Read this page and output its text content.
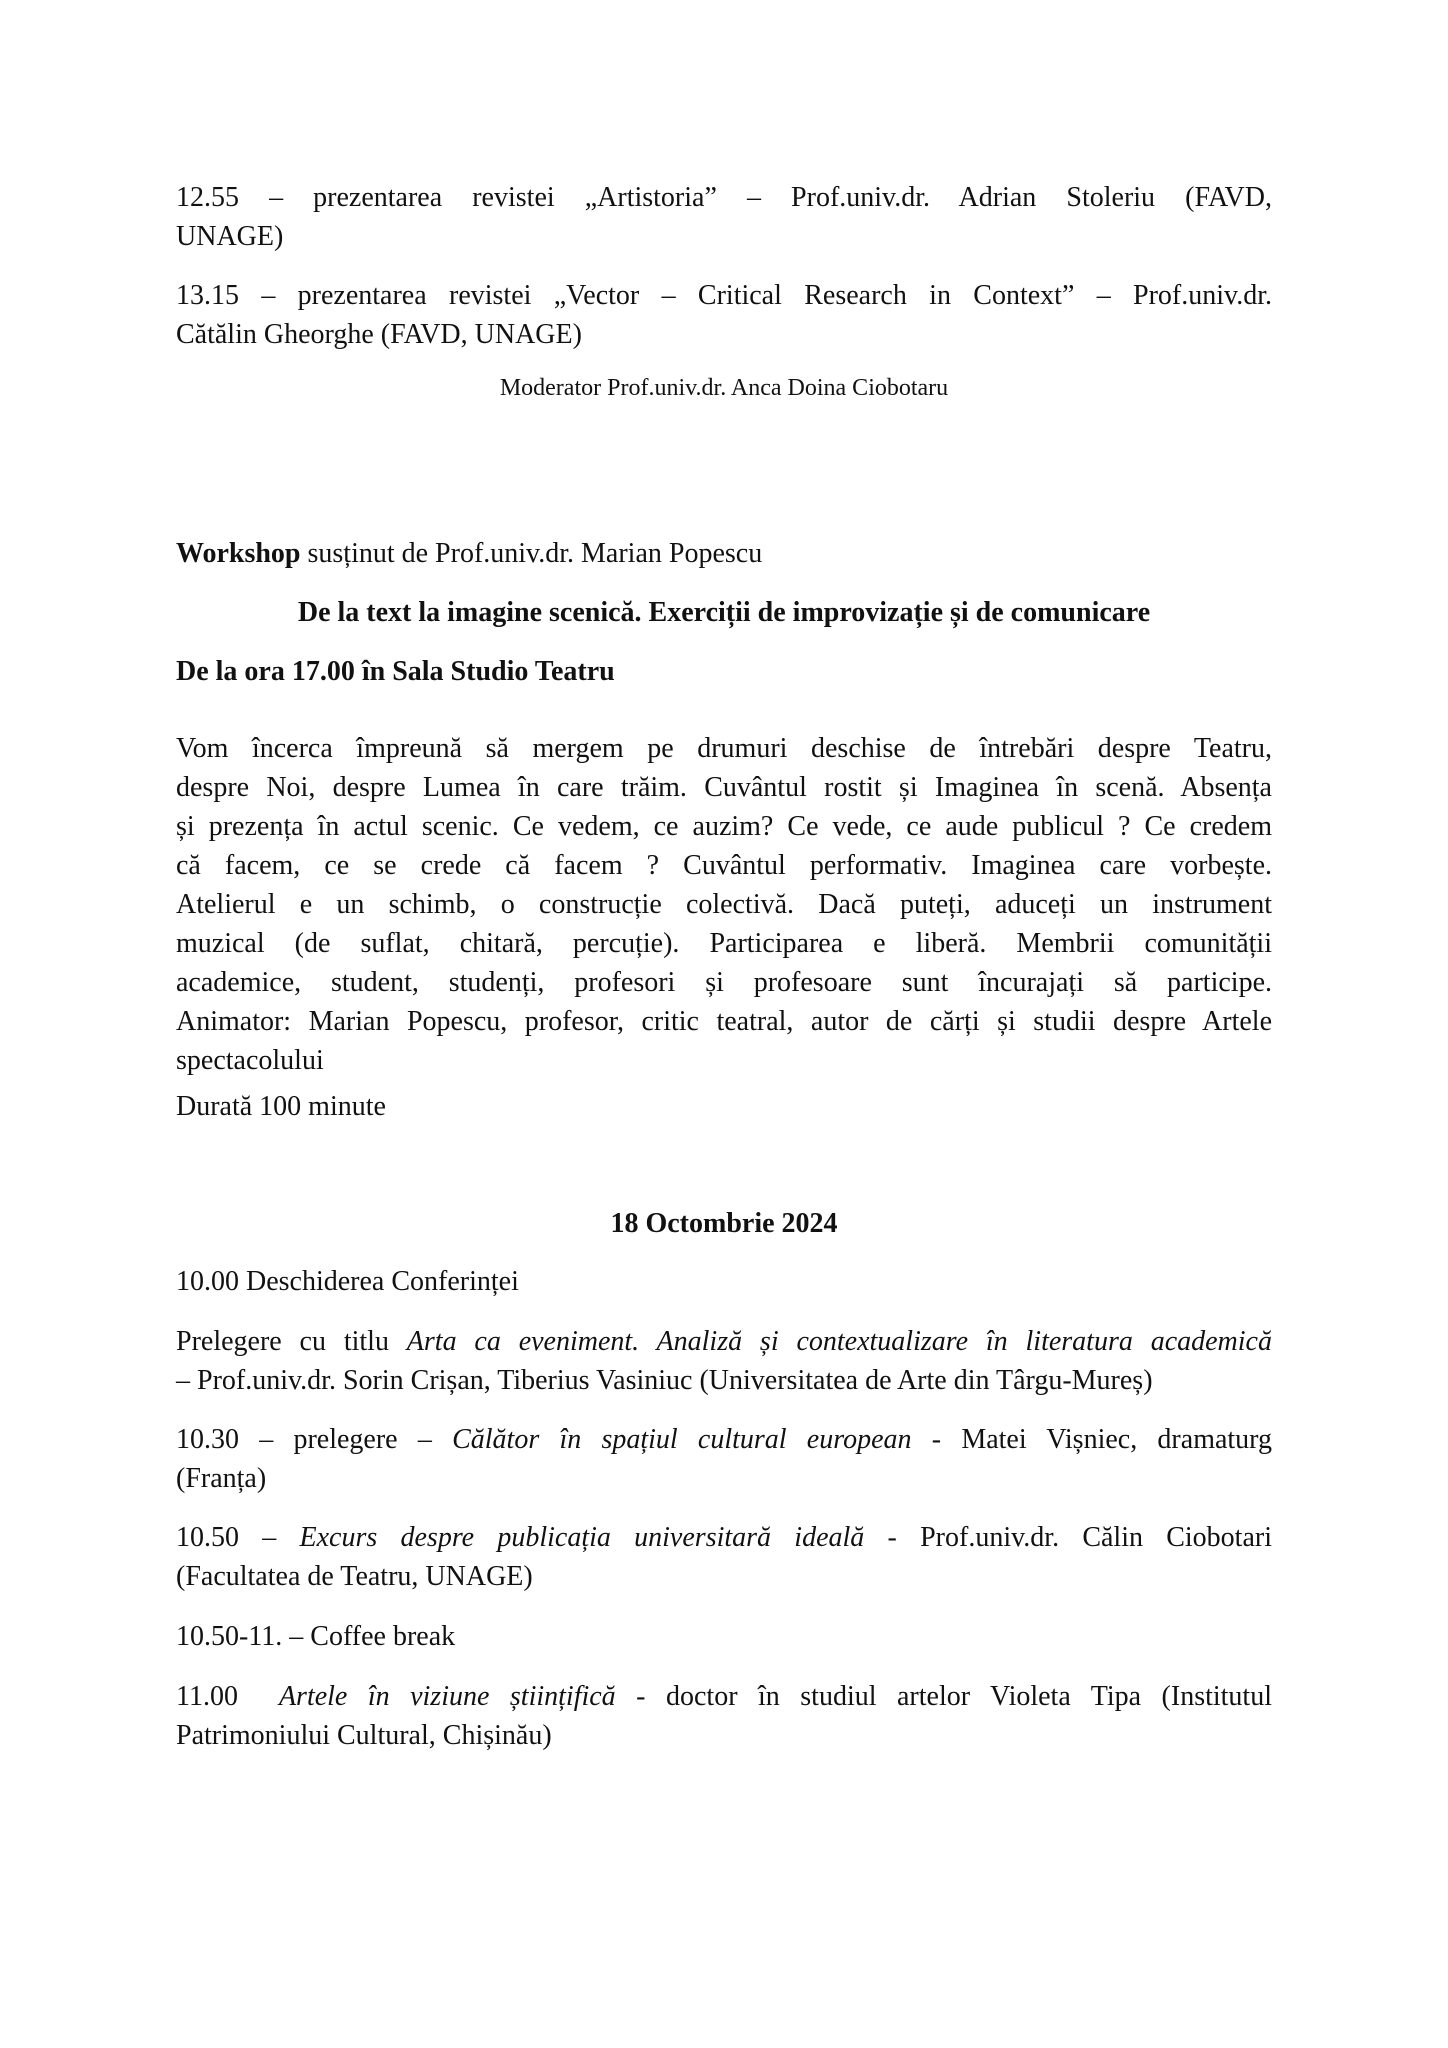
12.55 – prezentarea revistei „Artistoria” – Prof.univ.dr. Adrian Stoleriu (FAVD,

UNAGE)

13.15 – prezentarea revistei „Vector – Critical Research in Context” – Prof.univ.dr.

Cătălin Gheorghe (FAVD, UNAGE)

Moderator Prof.univ.dr. Anca Doina Ciobotaru

Workshop susținut de Prof.univ.dr. Marian Popescu

De la text la imagine scenică. Exerciții de improvizație și de comunicare

De la ora 17.00 în Sala Studio Teatru

Vom încerca împreună să mergem pe drumuri deschise de întrebări despre Teatru,

despre Noi, despre Lumea în care trăim. Cuvântul rostit și Imaginea în scenă. Absența

și prezența în actul scenic. Ce vedem, ce auzim? Ce vede, ce aude publicul ? Ce credem

că facem, ce se crede că facem ? Cuvântul performativ. Imaginea care vorbește.

Atelierul e un schimb, o construcție colectivă. Dacă puteți, aduceți un instrument

muzical (de suflat, chitară, percuție). Participarea e liberă. Membrii comunității

academice, student, studenți, profesori și profesoare sunt încurajați să participe.

Animator: Marian Popescu, profesor, critic teatral, autor de cărți și studii despre Artele

spectacolului

Durată 100 minute

18 Octombrie 2024

10.00 Deschiderea Conferinței

Prelegere cu titlu Arta ca eveniment. Analiză și contextualizare în literatura academică

– Prof.univ.dr. Sorin Crișan, Tiberius Vasiniuc (Universitatea de Arte din Târgu-Mureș)

10.30 – prelegere – Călător în spațiul cultural european - Matei Vișniec, dramaturg

(Franța)

10.50 – Excurs despre publicația universitară ideală - Prof.univ.dr. Călin Ciobotari

(Facultatea de Teatru, UNAGE)

10.50-11. – Coffee break

11.00  Artele în viziune științifică - doctor în studiul artelor Violeta Tipa (Institutul

Patrimoniului Cultural, Chișinău)
